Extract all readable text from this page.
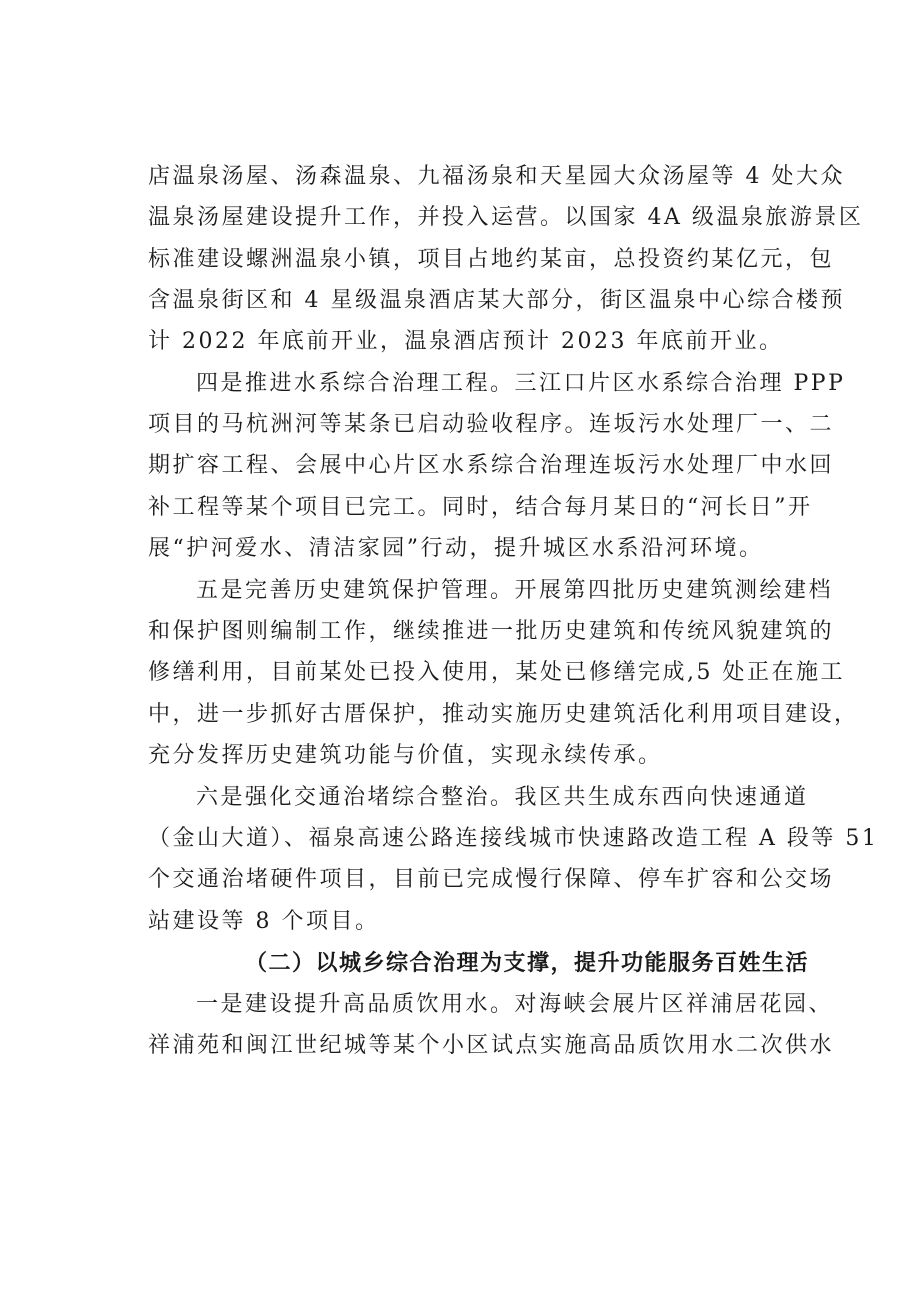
店温泉汤屋、汤森温泉、九福汤泉和天星园大众汤屋等 4 处大众
温泉汤屋建设提升工作，并投入运营。以国家 4A 级温泉旅游景区
标准建设螺洲温泉小镇，项目占地约某亩，总投资约某亿元，包
含温泉街区和 4 星级温泉酒店某大部分，街区温泉中心综合楼预
计 2022 年底前开业，温泉酒店预计 2023 年底前开业。
四是推进水系综合治理工程。三江口片区水系综合治理 PPP
项目的马杭洲河等某条已启动验收程序。连坂污水处理厂一、二
期扩容工程、会展中心片区水系综合治理连坂污水处理厂中水回
补工程等某个项目已完工。同时，结合每月某日的“河长日”开
展“护河爱水、清洁家园”行动，提升城区水系沿河环境。
五是完善历史建筑保护管理。开展第四批历史建筑测绘建档
和保护图则编制工作，继续推进一批历史建筑和传统风貌建筑的
修缮利用，目前某处已投入使用，某处已修缮完成,5 处正在施工
中，进一步抓好古厝保护，推动实施历史建筑活化利用项目建设，
充分发挥历史建筑功能与价值，实现永续传承。
六是强化交通治堵综合整治。我区共生成东西向快速通道
（金山大道）、福泉高速公路连接线城市快速路改造工程 A 段等 51
个交通治堵硬件项目，目前已完成慢行保障、停车扩容和公交场
站建设等 8 个项目。
（二）以城乡综合治理为支撑，提升功能服务百姓生活
一是建设提升高品质饮用水。对海峡会展片区祥浦居花园、
祥浦苑和闽江世纪城等某个小区试点实施高品质饮用水二次供水
